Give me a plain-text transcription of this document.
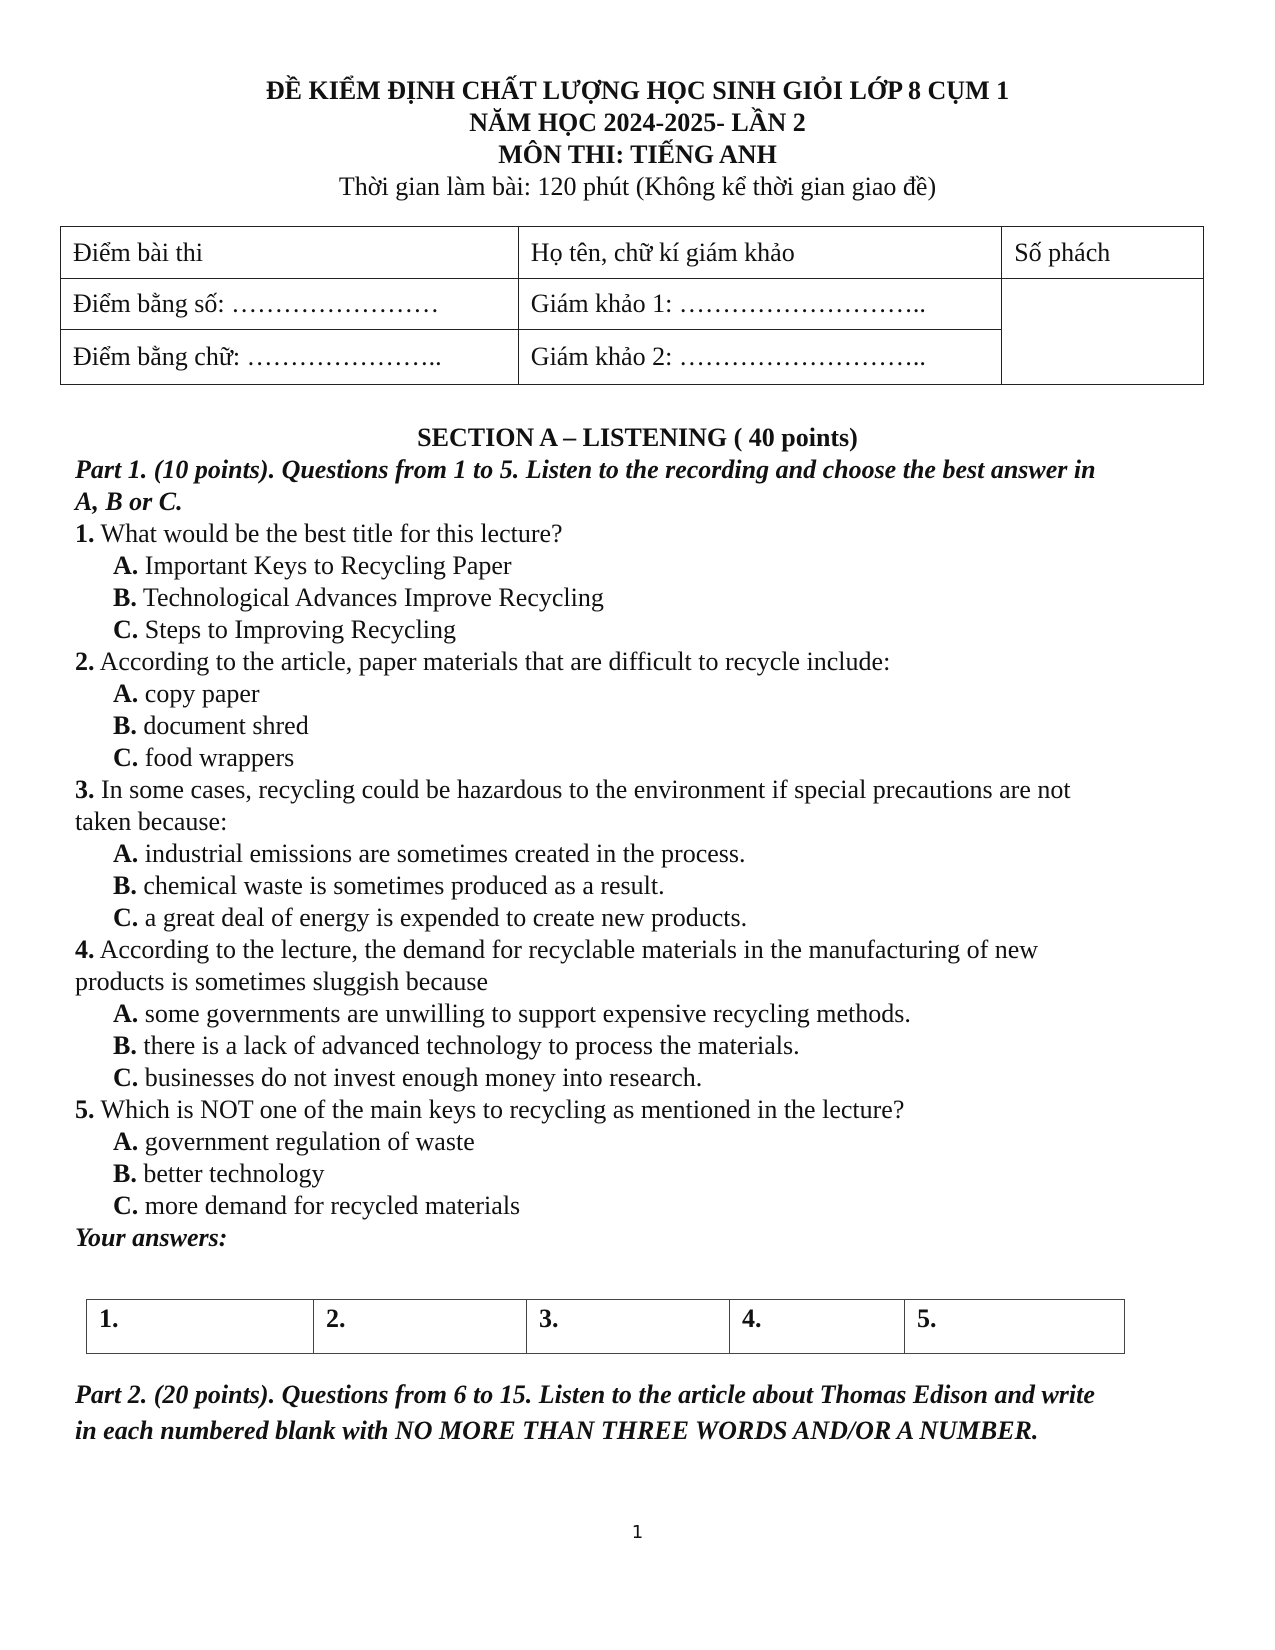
ĐỀ KIỂM ĐỊNH CHẤT LƯỢNG HỌC SINH GIỎI LỚP 8 CỤM 1
NĂM HỌC 2024-2025- LẦN 2
MÔN THI: TIẾNG ANH
Thời gian làm bài: 120 phút (Không kể thời gian giao đề)
Điểm bài thi	Họ tên, chữ kí giám khảo	Số phách
Điểm bằng số: ……………………	Giám khảo 1: ………………………..	
Điểm bằng chữ: …………………..	Giám khảo 2: ………………………..	
SECTION A – LISTENING ( 40 points)
Part 1. (10 points). Questions from 1 to 5. Listen to the recording and choose the best answer in
A, B or C.
1. What would be the best title for this lecture?
A. Important Keys to Recycling Paper
B. Technological Advances Improve Recycling
C. Steps to Improving Recycling
2. According to the article, paper materials that are difficult to recycle include:
A. copy paper
B. document shred
C. food wrappers
3. In some cases, recycling could be hazardous to the environment if special precautions are not
taken because:
A. industrial emissions are sometimes created in the process.
B. chemical waste is sometimes produced as a result.
C. a great deal of energy is expended to create new products.
4. According to the lecture, the demand for recyclable materials in the manufacturing of new
products is sometimes sluggish because
A. some governments are unwilling to support expensive recycling methods.
B. there is a lack of advanced technology to process the materials.
C. businesses do not invest enough money into research.
5. Which is NOT one of the main keys to recycling as mentioned in the lecture?
A. government regulation of waste
B. better technology
C. more demand for recycled materials
Your answers:
1.	2.	3.	4.	5.
Part 2. (20 points). Questions from 6 to 15. Listen to the article about Thomas Edison and write
in each numbered blank with NO MORE THAN THREE WORDS AND/OR A NUMBER.
1
